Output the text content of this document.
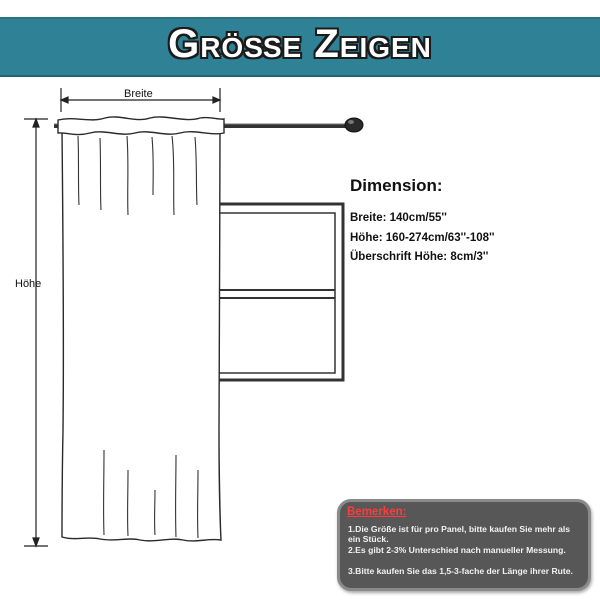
Größe Zeigen
Breite
Höhe
Dimension:
Breite: 140cm/55''
Höhe: 160-274cm/63''-108''
Überschrift Höhe: 8cm/3''
Bemerken:
1.Die Größe ist für pro Panel, bitte kaufen Sie mehr als ein Stück.
2.Es gibt 2-3% Unterschied nach manueller Messung.
3.Bitte kaufen Sie das 1,5-3-fache der Länge ihrer Rute.
